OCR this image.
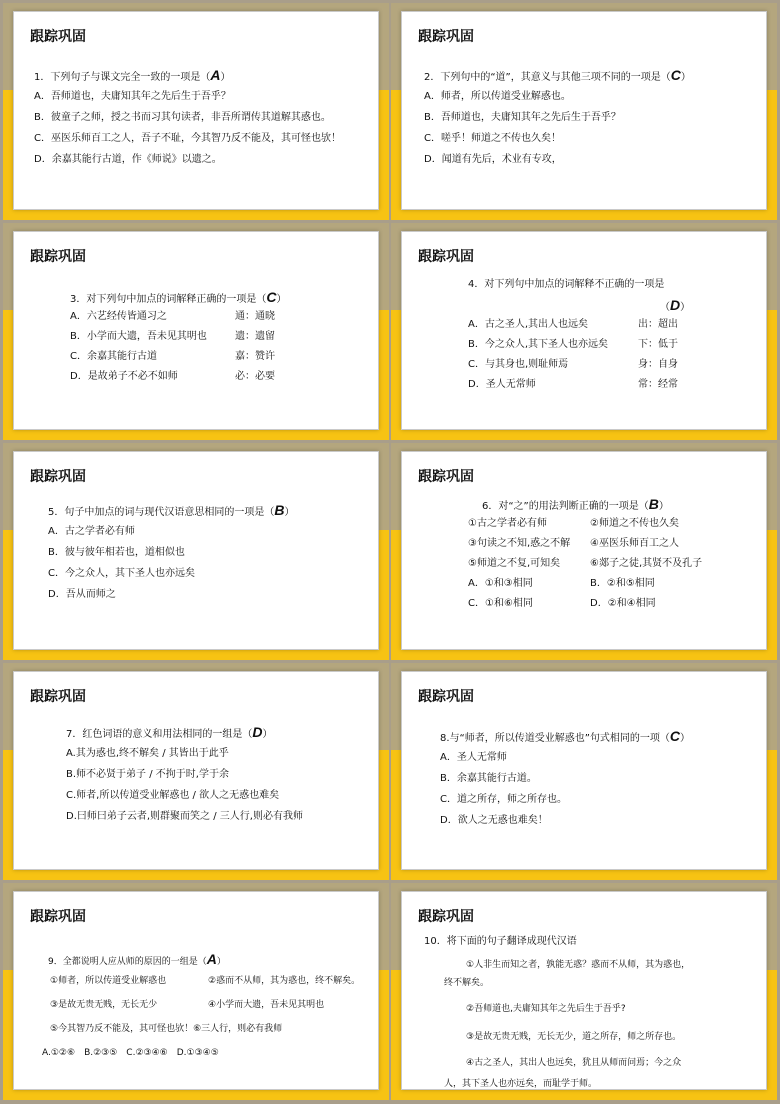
跟踪巩固
1．下列句子与课文完全一致的一项是（A）
A．吾师道也，夫庸知其年之先后生于吾乎？
B．彼童子之师，授之书而习其句读者，非吾所谓传其道解其惑也。
C．巫医乐师百工之人，吾子不耻，今其智乃反不能及，其可怪也欤！
D．余嘉其能行古道，作《师说》以遗之。
跟踪巩固
2．下列句中的“道”，其意义与其他三项不同的一项是（C）
A．师者，所以传道受业解惑也。
B．吾师道也，夫庸知其年之先后生于吾乎？
C．嗟乎！师道之不传也久矣！
D．闻道有先后，术业有专攻，
跟踪巩固
3．对下列句中加点的词解释正确的一项是（C）
A．六艺经传皆通习之	通：通晓
B．小学而大遗，吾未见其明也	遗：遗留
C．余嘉其能行古道	嘉：赞许
D．是故弟子不必不如师	必：必要
跟踪巩固
4．对下列句中加点的词解释不正确的一项是
（D）
A．古之圣人,其出人也远矣	出：超出
B．今之众人,其下圣人也亦远矣	下：低于
C．与其身也,则耻师焉	身：自身
D．圣人无常师	常：经常
跟踪巩固
5．句子中加点的词与现代汉语意思相同的一项是（B）
A．古之学者必有师
B．彼与彼年相若也，道相似也
C．今之众人，其下圣人也亦远矣
D．吾从而师之
跟踪巩固
6．对“之”的用法判断正确的一项是（B）
①古之学者必有师	②师道之不传也久矣
③句读之不知,惑之不解 ④巫医乐师百工之人
⑤师道之不复,可知矣	⑥郯子之徒,其贤不及孔子
A．①和③相同	B．②和⑤相同
C．①和⑥相同	D．②和④相同
跟踪巩固
7．红色词语的意义和用法相同的一组是（D）
A.其为惑也,终不解矣 / 其皆出于此乎
B.师不必贤于弟子 / 不拘于时,学于余
C.师者,所以传道受业解惑也 / 欲人之无惑也难矣
D.曰师曰弟子云者,则群聚而笑之 / 三人行,则必有我师
跟踪巩固
8.与“师者，所以传道受业解惑也”句式相同的一项（C）
A．圣人无常师
B．余嘉其能行古道。
C．道之所存，师之所存也。
D．欲人之无惑也难矣！
跟踪巩固
9．全都说明人应从师的原因的一组是（A）
①师者，所以传道受业解惑也	②惑而不从师，其为惑也，终不解矣。
③是故无贵无贱，无长无少	④小学而大遗，吾未见其明也
⑤今其智乃反不能及，其可怪也欤！⑥三人行，则必有我师
A.①②⑥　B.②③⑤　C.②③④⑥　D.①③④⑤
跟踪巩固
10．将下面的句子翻译成现代汉语
①人非生而知之者，孰能无惑？惑而不从师，其为惑也，
终不解矣。
②吾师道也,夫庸知其年之先后生于吾乎?
③是故无贵无贱，无长无少，道之所存，师之所存也。
④古之圣人，其出人也远矣，犹且从师而问焉；今之众
人，其下圣人也亦远矣，而耻学于师。
